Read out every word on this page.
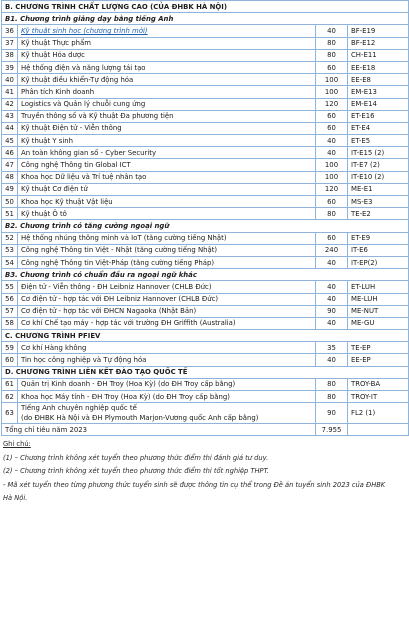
B. CHƯƠNG TRÌNH CHẤT LƯỢNG CAO (CỦA ĐHBK HÀ NỘI)			
B1. Chương trình giảng dạy bằng tiếng Anh			
36	Kỹ thuật sinh học (chương trình mới)	40	BF-E19
37	Kỹ thuật Thực phẩm	80	BF-E12
38	Kỹ thuật Hóa dược	80	CH-E11
39	Hệ thống điện và năng lượng tái tạo	60	EE-E18
40	Kỹ thuật điều khiển-Tự động hóa	100	EE-E8
41	Phân tích Kinh doanh	100	EM-E13
42	Logistics và Quản lý chuỗi cung ứng	120	EM-E14
43	Truyền thông số và Kỹ thuật Đa phương tiện	60	ET-E16
44	Kỹ thuật Điện tử - Viễn thông	60	ET-E4
45	Kỹ thuật Y sinh	40	ET-E5
46	An toàn không gian số - Cyber Security	40	IT-E15 (2)
47	Công nghệ Thông tin Global ICT	100	IT-E7 (2)
48	Khoa học Dữ liệu và Trí tuệ nhân tạo	100	IT-E10 (2)
49	Kỹ thuật Cơ điện tử	120	ME-E1
50	Khoa học Kỹ thuật Vật liệu	60	MS-E3
51	Kỹ thuật Ô tô	80	TE-E2
B2. Chương trình có tăng cường ngoại ngữ			
52	Hệ thống nhúng thông minh và IoT (tăng cường tiếng Nhật)	60	ET-E9
53	Công nghệ Thông tin Việt - Nhật (tăng cường tiếng Nhật)	240	IT-E6
54	Công nghệ Thông tin Việt-Pháp (tăng cường tiếng Pháp)	40	IT-EP(2)
B3. Chương trình có chuẩn đầu ra ngoại ngữ khác			
55	Điện tử - Viễn thông - ĐH Leibniz Hannover (CHLB Đức)	40	ET-LUH
56	Cơ điện tử - hợp tác với ĐH Leibniz Hannover (CHLB Đức)	40	ME-LUH
57	Cơ điện tử - hợp tác với ĐHCN Nagaoka (Nhật Bản)	90	ME-NUT
58	Cơ khí Chế tạo máy - hợp tác với trường ĐH Griffith (Australia)	40	ME-GU
C. CHƯƠNG TRÌNH PFIEV			
59	Cơ khí Hàng không	35	TE-EP
60	Tin học công nghiệp và Tự động hóa	40	EE-EP
D. CHƯƠNG TRÌNH LIÊN KẾT ĐÀO TẠO QUỐC TẾ			
61	Quản trị Kinh doanh - ĐH Troy (Hoa Kỳ) (do ĐH Troy cấp bằng)	80	TROY-BA
62	Khoa học Máy tính - ĐH Troy (Hoa Kỳ) (do ĐH Troy cấp bằng)	80	TROY-IT
63	Tiếng Anh chuyên nghiệp quốc tế
(do ĐHBK Hà Nội và ĐH Plymouth Marjon-Vương quốc Anh cấp bằng)	90	FL2 (1)
Tổng chỉ tiêu năm 2023		7.955	

Ghi chú:

(1) – Chương trình không xét tuyển theo phương thức điểm thi đánh giá tư duy.

(2) – Chương trình không xét tuyển theo phương thức điểm thi tốt nghiệp THPT.

- Mã xét tuyển theo từng phương thức tuyển sinh sẽ được thông tin cụ thể trong Đề án tuyển sinh 2023 của ĐHBK

Hà Nội.
